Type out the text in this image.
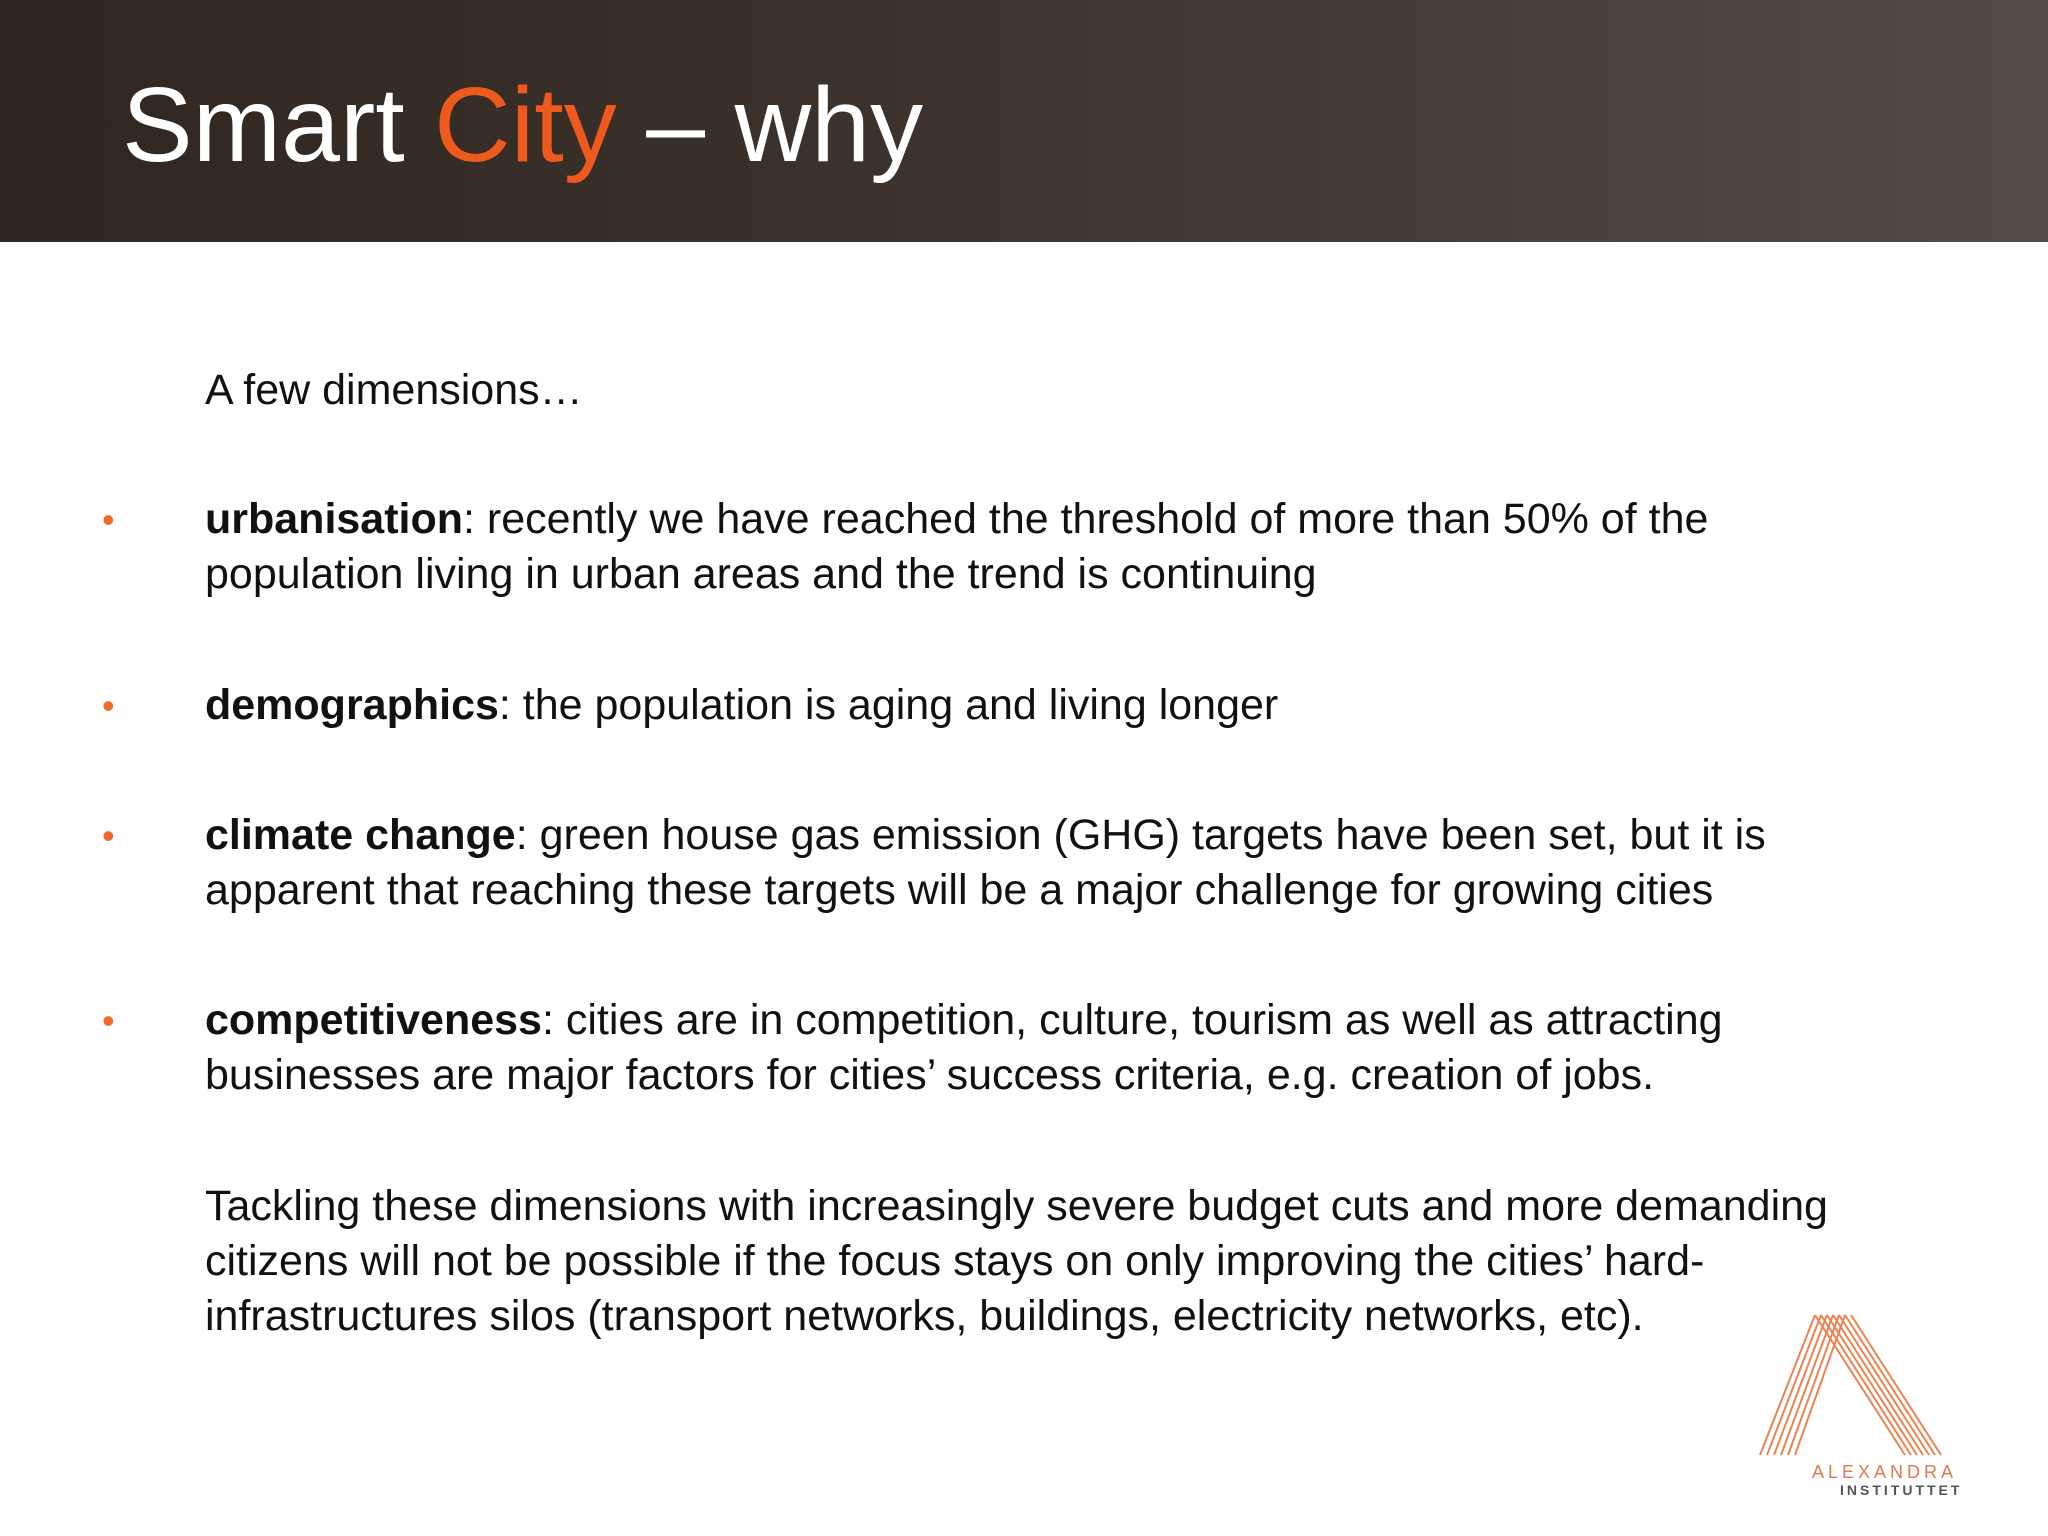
Smart City – why
A few dimensions…
• urbanisation: recently we have reached the threshold of more than 50% of the population living in urban areas and the trend is continuing
• demographics: the population is aging and living longer
• climate change: green house gas emission (GHG) targets have been set, but it is apparent that reaching these targets will be a major challenge for growing cities
• competitiveness: cities are in competition, culture, tourism as well as attracting businesses are major factors for cities’ success criteria, e.g. creation of jobs.
Tackling these dimensions with increasingly severe budget cuts and more demanding citizens will not be possible if the focus stays on only improving the cities’ hard-infrastructures silos (transport networks, buildings, electricity networks, etc).
ALEXANDRA
INSTITUTTET
